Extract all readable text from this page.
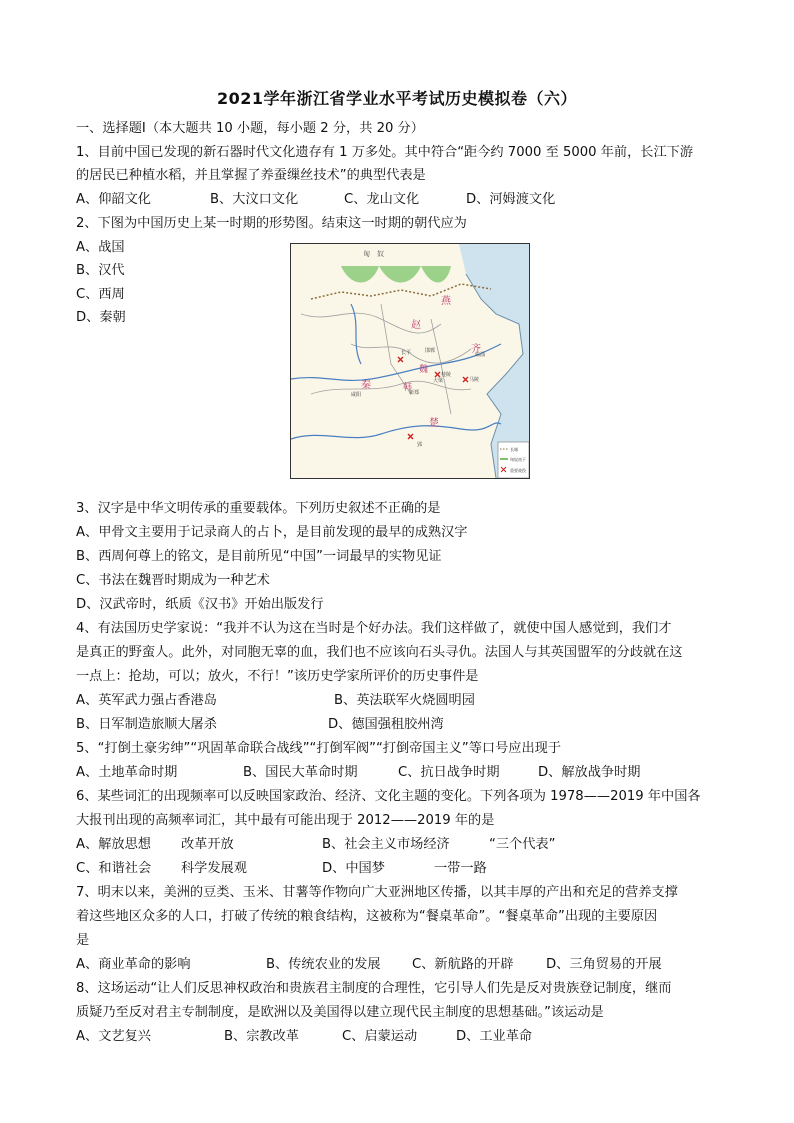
2021学年浙江省学业水平考试历史模拟卷（六）
一、选择题Ⅰ（本大题共 10 小题，每小题 2 分，共 20 分）
1、目前中国已发现的新石器时代文化遗存有 1 万多处。其中符合“距今约 7000 至 5000 年前，长江下游
的居民已种植水稻，并且掌握了养蚕缫丝技术”的典型代表是
A、仰韶文化	B、大汶口文化	C、龙山文化	D、河姆渡文化
2、下图为中国历史上某一时期的形势图。结束这一时期的朝代应为
A、战国
B、汉代
C、西周
D、秦朝
燕
赵
齐
魏
韩
秦
楚
匈　奴
长平	邯郸
桂陵
大梁	马陵
临淄
咸阳	新郑
郢
长城
匈奴南下
重要战役
3、汉字是中华文明传承的重要载体。下列历史叙述不正确的是
A、甲骨文主要用于记录商人的占卜，是目前发现的最早的成熟汉字
B、西周何尊上的铭文，是目前所见“中国”一词最早的实物见证
C、书法在魏晋时期成为一种艺术
D、汉武帝时，纸质《汉书》开始出版发行
4、有法国历史学家说：“我并不认为这在当时是个好办法。我们这样做了，就使中国人感觉到，我们才
是真正的野蛮人。此外，对同胞无辜的血，我们也不应该向石头寻仇。法国人与其英国盟军的分歧就在这
一点上：抢劫，可以；放火，不行！”该历史学家所评价的历史事件是
A、英军武力强占香港岛	B、英法联军火烧圆明园
B、日军制造旅顺大屠杀	D、德国强租胶州湾
5、“打倒土豪劣绅”“巩固革命联合战线”“打倒军阀”“打倒帝国主义”等口号应出现于
A、土地革命时期	B、国民大革命时期	C、抗日战争时期	D、解放战争时期
6、某些词汇的出现频率可以反映国家政治、经济、文化主题的变化。下列各项为 1978——2019 年中国各
大报刊出现的高频率词汇，其中最有可能出现于 2012——2019 年的是
A、解放思想 改革开放	B、社会主义市场经济	“三个代表”
C、和谐社会 科学发展观	D、中国梦	一带一路
7、明末以来，美洲的豆类、玉米、甘薯等作物向广大亚洲地区传播，以其丰厚的产出和充足的营养支撑
着这些地区众多的人口，打破了传统的粮食结构，这被称为“餐桌革命”。“餐桌革命”出现的主要原因
是
A、商业革命的影响	B、传统农业的发展 C、新航路的开辟 D、三角贸易的开展
8、这场运动“让人们反思神权政治和贵族君主制度的合理性，它引导人们先是反对贵族登记制度，继而
质疑乃至反对君主专制制度，是欧洲以及美国得以建立现代民主制度的思想基础。”该运动是
A、文艺复兴	B、宗教改革	C、启蒙运动	D、工业革命
